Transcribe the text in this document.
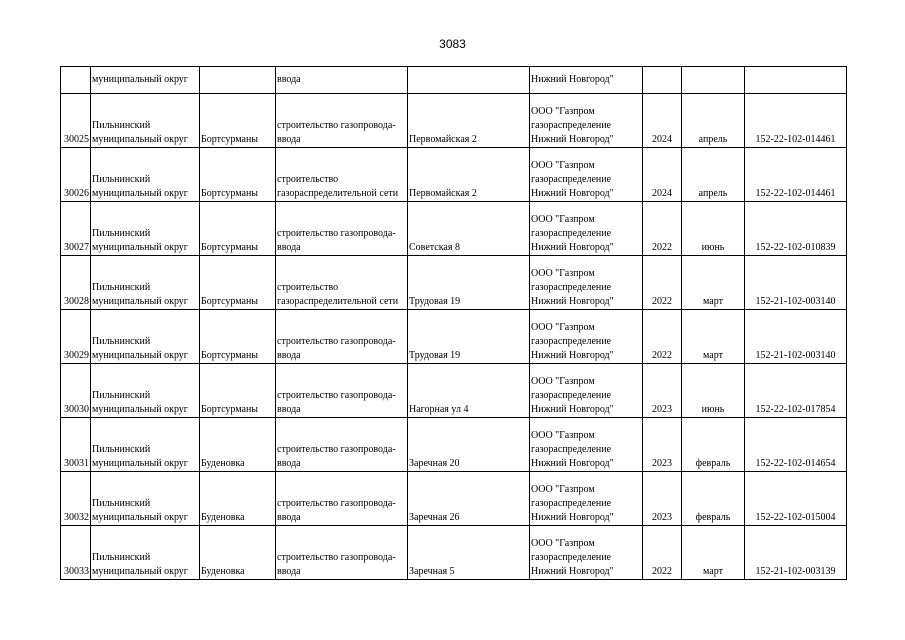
3083
	муниципальный округ		ввода		Нижний Новгород"			
30025	Пильнинский
муниципальный округ	Бортсурманы	строительство газопровода-
ввода	Первомайская 2	ООО "Газпром
газораспределение
Нижний Новгород"	2024	апрель	152-22-102-014461
30026	Пильнинский
муниципальный округ	Бортсурманы	строительство
газораспределительной сети	Первомайская 2	ООО "Газпром
газораспределение
Нижний Новгород"	2024	апрель	152-22-102-014461
30027	Пильнинский
муниципальный округ	Бортсурманы	строительство газопровода-
ввода	Советская 8	ООО "Газпром
газораспределение
Нижний Новгород"	2022	июнь	152-22-102-010839
30028	Пильнинский
муниципальный округ	Бортсурманы	строительство
газораспределительной сети	Трудовая 19	ООО "Газпром
газораспределение
Нижний Новгород"	2022	март	152-21-102-003140
30029	Пильнинский
муниципальный округ	Бортсурманы	строительство газопровода-
ввода	Трудовая 19	ООО "Газпром
газораспределение
Нижний Новгород"	2022	март	152-21-102-003140
30030	Пильнинский
муниципальный округ	Бортсурманы	строительство газопровода-
ввода	Нагорная ул 4	ООО "Газпром
газораспределение
Нижний Новгород"	2023	июнь	152-22-102-017854
30031	Пильнинский
муниципальный округ	Буденовка	строительство газопровода-
ввода	Заречная 20	ООО "Газпром
газораспределение
Нижний Новгород"	2023	февраль	152-22-102-014654
30032	Пильнинский
муниципальный округ	Буденовка	строительство газопровода-
ввода	Заречная 26	ООО "Газпром
газораспределение
Нижний Новгород"	2023	февраль	152-22-102-015004
30033	Пильнинский
муниципальный округ	Буденовка	строительство газопровода-
ввода	Заречная 5	ООО "Газпром
газораспределение
Нижний Новгород"	2022	март	152-21-102-003139
